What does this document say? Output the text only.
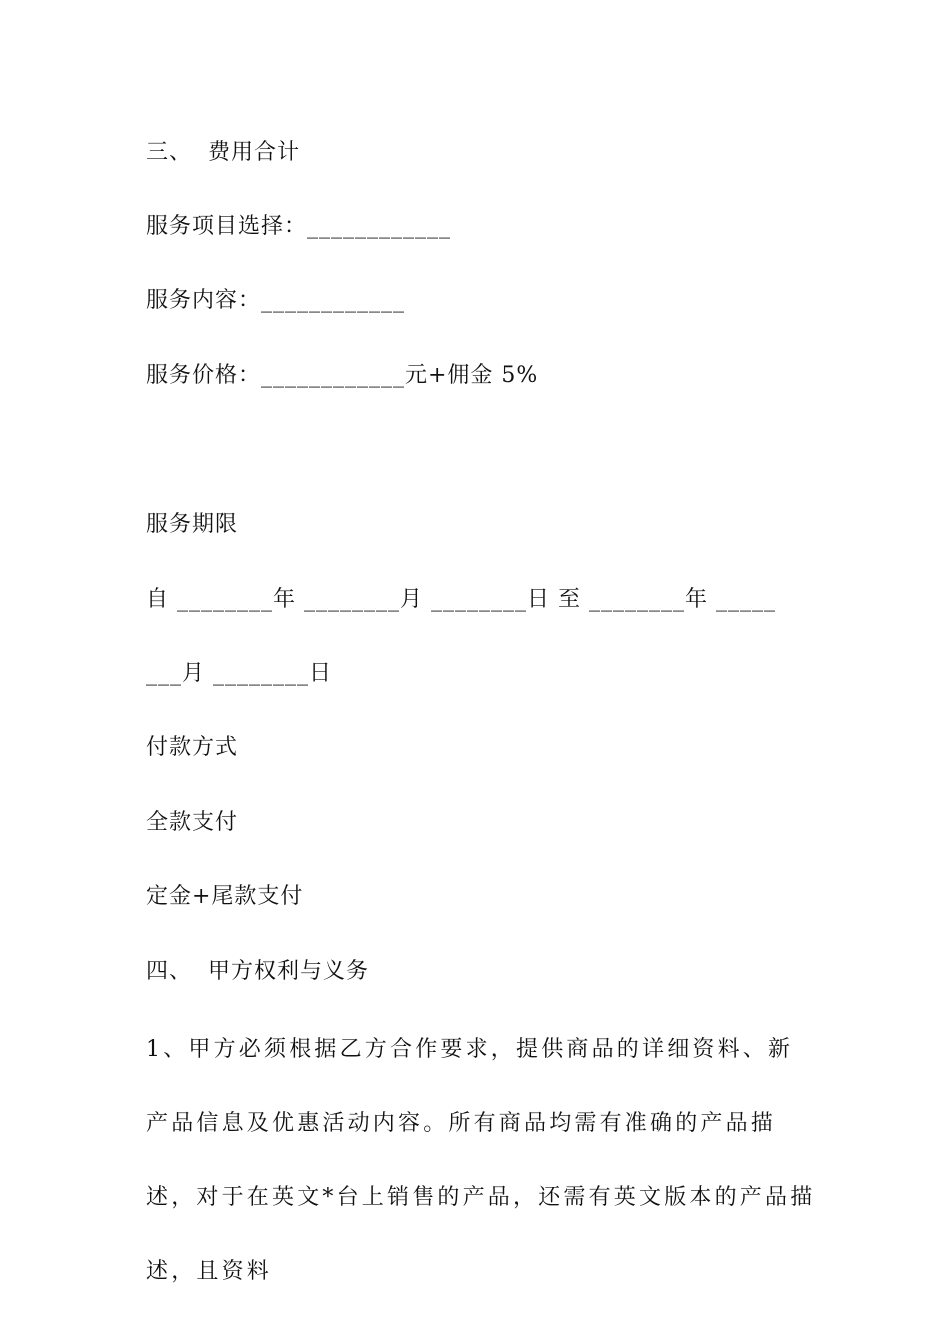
三、  费用合计
服务项目选择：____________
服务内容：____________
服务价格：____________元+佣金 5%
服务期限
自 ________年 ________月 ________日 至 ________年 _____
___月 ________日
付款方式
全款支付
定金+尾款支付
四、  甲方权利与义务
1、甲方必须根据乙方合作要求，提供商品的详细资料、新产品信息及优惠活动内容。所有商品均需有准确的产品描述，对于在英文*台上销售的产品，还需有英文版本的产品描述，且资料
